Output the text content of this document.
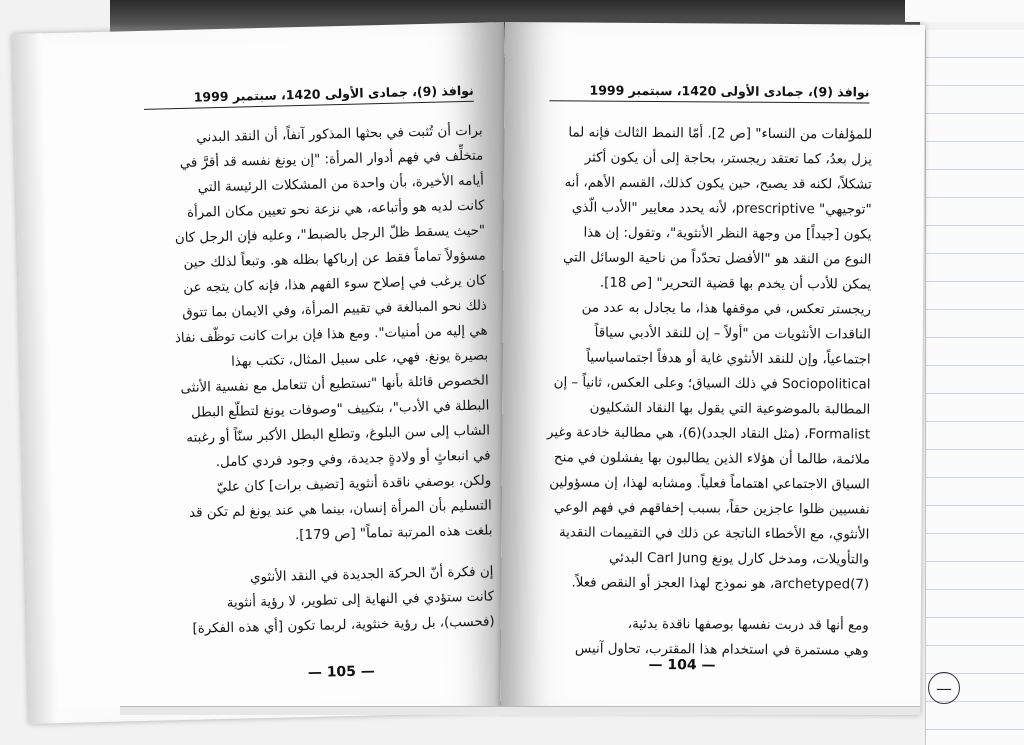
نوافذ (9)، جمادى الأولى 1420، سبتمبر 1999
برات أن تُثبت في بحثها المذكور آنفاً، أن النقد البدني
متخلِّف في فهم أدوار المرأة: "إن يونغ نفسه قد أقرَّ في
أيامه الأخيرة، بأن واحدة من المشكلات الرئيسة التي
كانت لديه هو وأتباعه، هي نزعة نحو تعيين مكان المرأة
"حيث يسقط ظلّ الرجل بالضبط"، وعليه فإن الرجل كان
مسؤولاً تماماً فقط عن إرباكها بظله هو. وتبعاً لذلك حين
كان يرغب في إصلاح سوء الفهم هذا، فإنه كان يتجه عن
ذلك نحو المبالغة في تقييم المرأة، وفي الايمان بما تتوق
هي إليه من أمنيات". ومع هذا فإن برات كانت توظّف نفاذ
بصيرة يونغ. فهي، على سبيل المثال، تكتب بهذا
الخصوص قائلة بأنها "تستطيع أن تتعامل مع نفسية الأنثى
البطلة في الأدب"، بتكييف "وصوفات يونغ لتطلّع البطل
الشاب إلى سن البلوغ، وتطلع البطل الأكبر سنّاً أو رغبته
في انبعاثٍ أو ولادةٍ جديدة، وفي وجود فردي كامل.
ولكن، بوصفي ناقدة أنثوية [تضيف برات] كان عليّ
التسليم بأن المرأة إنسان، بينما هي عند يونغ لم تكن قد
بلغت هذه المرتبة تماماً" [ص 179].
إن فكرة أنّ الحركة الجديدة في النقد الأنثوي
كانت ستؤدي في النهاية إلى تطوير، لا رؤية أنثوية
(فحسب)، بل رؤية خنثوية، لربما تكون [أي هذه الفكرة]
— 105 —
نوافذ (9)، جمادى الأولى 1420، سبتمبر 1999
للمؤلفات من النساء" [ص 2]. أمّا النمط الثالث فإنه لما
يزل بعدُ، كما تعتقد ريجستر، بحاجة إلى أن يكون أكثر
تشكلاً، لكنه قد يصبح، حين يكون كذلك، القسم الأهم، أنه
"توجيهي" prescriptive، لأنه يحدد معايير "الأدب الّذي
يكون [جيداً] من وجهة النظر الأنثوية"، وتقول: إن هذا
النوع من النقد هو "الأفضل تحدّداً من ناحية الوسائل التي
يمكن للأدب أن يخدم بها قضية التحرير" [ص 18].
ريجستر تعكس، في موقفها هذا، ما يجادل به عدد من
الناقدات الأنثويات من "أولاً – إن للنقد الأدبي سياقاً
اجتماعياً، وإن للنقد الأنثوي غاية أو هدفاً اجتماسياسياً
Sociopolitical في ذلك السياق؛ وعلى العكس، ثانياً – إن
المطالبة بالموضوعية التي يقول بها النقاد الشكليون
Formalist، (مثل النقاد الجدد)(6)، هي مطالبة خادعة وغير
ملائمة، طالما أن هؤلاء الذين يطالبون بها يفشلون في منح
السياق الاجتماعي اهتماماً فعلياً. ومشابه لهذا، إن مسؤولين
نفسيين ظلوا عاجزين حقاً، بسبب إخفاقهم في فهم الوعي
الأنثوي، مع الأخطاء الناتجة عن ذلك في التقييمات النقدية
والتأويلات، ومدخل كارل يونغ Carl Jung البدئي
archetyped(7)، هو نموذج لهذا العجز أو النقص فعلاً.
ومع أنها قد دربت نفسها بوصفها ناقدة بدئية،
وهي مستمرة في استخدام هذا المقترب، تحاول آنيس
— 104 —
—
